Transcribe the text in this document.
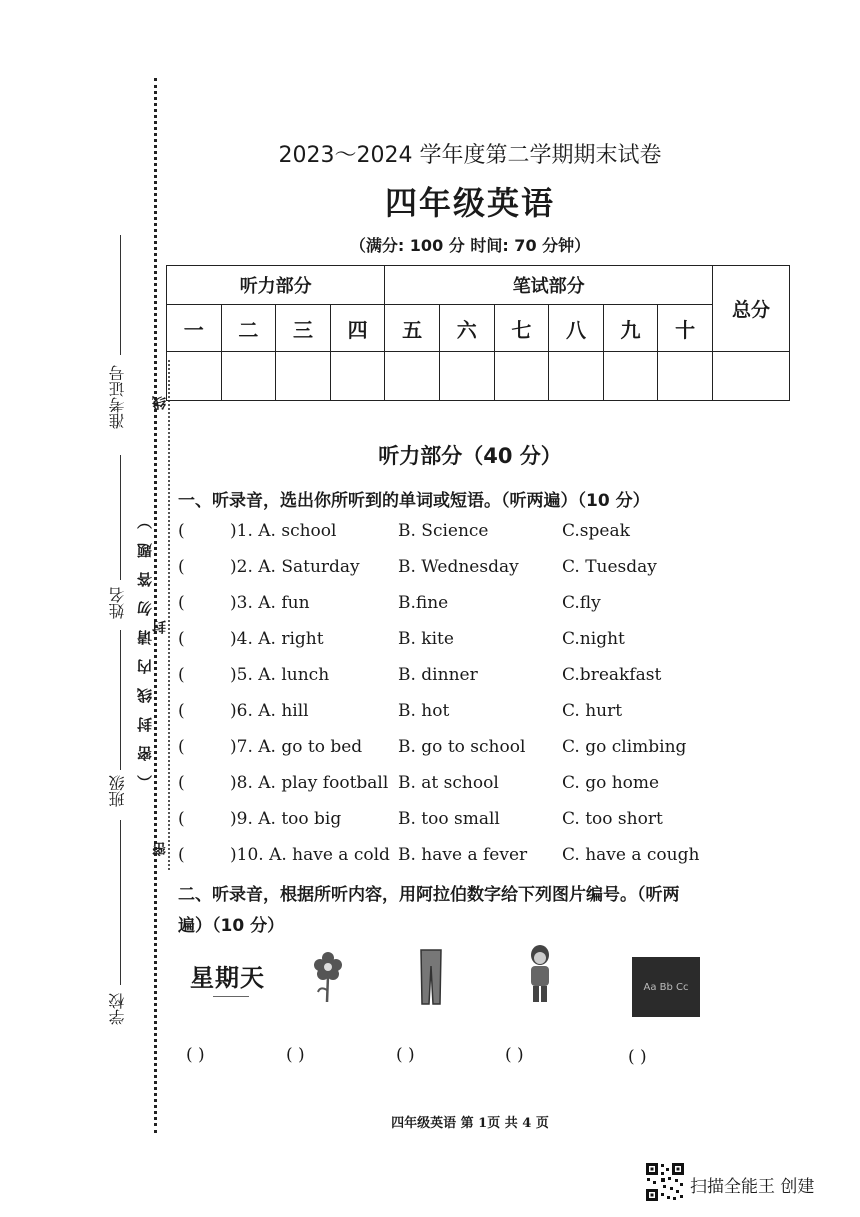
准考证号
姓名
班级
学校
（密封线内请勿答题）
线
封
密
2023～2024 学年度第二学期期末试卷
四年级英语
（满分: 100 分 时间: 70 分钟）
听力部分				笔试部分						总分
一	二	三	四	五	六	七	八	九	十	

听力部分（40 分）
一、听录音，选出你所听到的单词或短语。（听两遍）（10 分）
(	)1. A. school	B. Science	C.speak
(	)2. A. Saturday B. Wednesday	C. Tuesday
(	)3. A. fun	B.fine	C.fly
(	)4. A. right	B. kite	C.night
(	)5. A. lunch	B. dinner	C.breakfast
(	)6. A. hill	B. hot	C. hurt
(	)7. A. go to bed B. go to school C. go climbing
(	)8. A. play football B. at school	C. go home
(	)9. A. too big	B. too small	C. too short
(	)10. A. have a cold B. have a fever C. have a cough
二、听录音，根据所听内容，用阿拉伯数字给下列图片编号。（听两
遍）（10 分）
星期天	Aa Bb Cc
( )	( )	( )	( )	( )
四年级英语 第 1页 共 4 页
扫描全能王 创建
